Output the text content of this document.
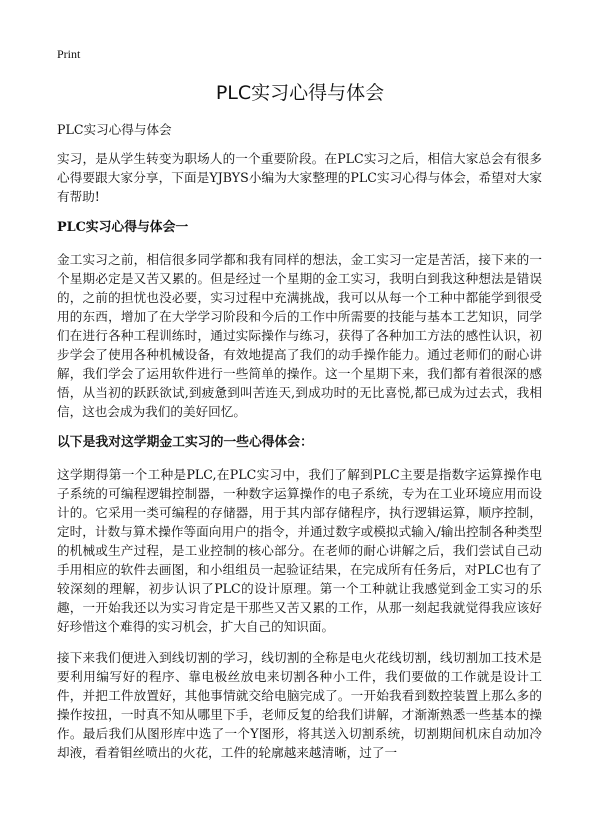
Print
PLC实习心得与体会

PLC实习心得与体会

实习，是从学生转变为职场人的一个重要阶段。在PLC实习之后，相信大家总会有很多心得要跟大家分享，下面是YJBYS小编为大家整理的PLC实习心得与体会，希望对大家有帮助!

PLC实习心得与体会一

金工实习之前，相信很多同学都和我有同样的想法，金工实习一定是苦活，接下来的一个星期必定是又苦又累的。但是经过一个星期的金工实习，我明白到我这种想法是错误的，之前的担忧也没必要，实习过程中充满挑战，我可以从每一个工种中都能学到很受用的东西，增加了在大学学习阶段和今后的工作中所需要的技能与基本工艺知识，同学们在进行各种工程训练时，通过实际操作与练习，获得了各种加工方法的感性认识，初步学会了使用各种机械设备，有效地提高了我们的动手操作能力。通过老师们的耐心讲解，我们学会了运用软件进行一些简单的操作。这一个星期下来，我们都有着很深的感悟，从当初的跃跃欲试,到疲惫到叫苦连天,到成功时的无比喜悦,都已成为过去式，我相信，这也会成为我们的美好回忆。

以下是我对这学期金工实习的一些心得体会：

这学期得第一个工种是PLC,在PLC实习中，我们了解到PLC主要是指数字运算操作电子系统的可编程逻辑控制器，一种数字运算操作的电子系统，专为在工业环境应用而设计的。它采用一类可编程的存储器，用于其内部存储程序，执行逻辑运算，顺序控制，定时，计数与算术操作等面向用户的指令，并通过数字或模拟式输入/输出控制各种类型的机械或生产过程，是工业控制的核心部分。在老师的耐心讲解之后，我们尝试自己动手用相应的软件去画图，和小组组员一起验证结果，在完成所有任务后，对PLC也有了较深刻的理解，初步认识了PLC的设计原理。第一个工种就让我感觉到金工实习的乐趣，一开始我还以为实习肯定是干那些又苦又累的工作，从那一刻起我就觉得我应该好好珍惜这个难得的实习机会，扩大自己的知识面。

接下来我们便进入到线切割的学习，线切割的全称是电火花线切割，线切割加工技术是要利用编写好的程序、靠电极丝放电来切割各种小工件，我们要做的工作就是设计工件，并把工件放置好，其他事情就交给电脑完成了。一开始我看到数控装置上那么多的操作按扭，一时真不知从哪里下手，老师反复的给我们讲解，才渐渐熟悉一些基本的操作。最后我们从图形库中选了一个Y图形，将其送入切割系统，切割期间机床自动加冷却液，看着钼丝喷出的火花，工件的轮廓越来越清晰，过了一
